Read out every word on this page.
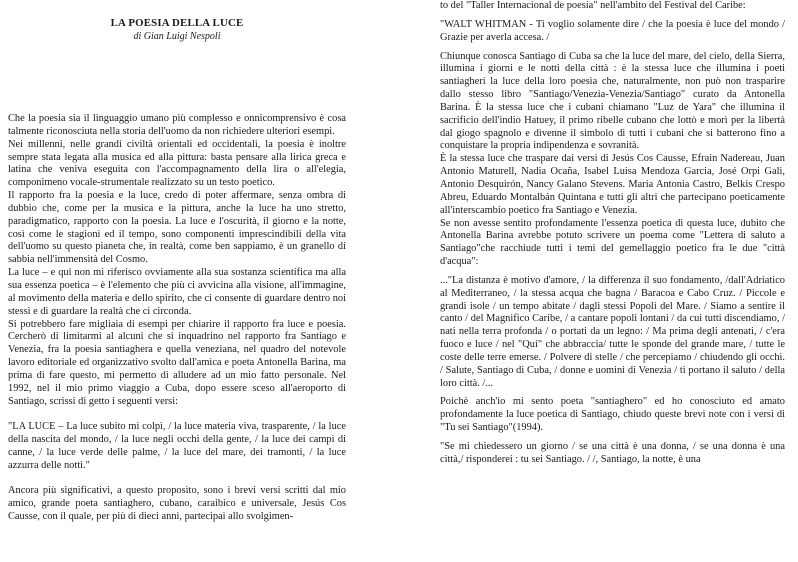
LA POESIA DELLA LUCE
di Gian Luigi Nespoli

Che la poesia sia il linguaggio umano più complesso e onnicomprensivo è cosa talmente riconosciuta nella storia dell'uomo da non richiedere ulteriori esempi.

Nei millenni, nelle grandi civiltà orientali ed occidentali, la poesia è inoltre sempre stata legata alla musica ed alla pittura: basta pensare alla lirica greca e latina che veniva eseguita con l'accompagnamento della lira o all'elegia, componimeno vocale-strumentale realizzato su un testo poetico.

Il rapporto fra la poesia e la luce, credo di poter affermare, senza ombra di dubbio che, come per la musica e la pittura, anche la luce ha uno stretto, paradigmatico, rapporto con la poesia. La luce e l'oscurità, il giorno e la notte, così come le stagioni ed il tempo, sono componenti imprescindibili della vita dell'uomo su questo pianeta che, in realtà, come ben sappiamo, è un granello di sabbia nell'immensità del Cosmo.

La luce – e qui non mi riferisco ovviamente alla sua sostanza scientifica ma alla sua essenza poetica – è l'elemento che più ci avvicina alla visione, all'immagine, al movimento della materia e dello spirito, che ci consente di guardare dentro noi stessi e di guardare la realtà che ci circonda.

Si potrebbero fare migliaia di esempi per chiarire il rapporto fra luce e poesia. Cercherò di limitarmi al alcuni che si inquadrino nel rapporto fra Santiago e Venezia, fra la poesia santiaghera e quella veneziana, nel quadro del notevole lavoro editoriale ed organizzativo svolto dall'amica e poeta Antonella Barina, ma prima di fare questo, mi permetto di alludere ad un mio fatto personale. Nel 1992, nel il mio primo viaggio a Cuba, dopo essere sceso all'aeroporto di Santiago, scrissi di getto i seguenti versi:

"LA LUCE – La luce subito mi colpì, / la luce materia viva, trasparente, / la luce della nascita del mondo, / la luce negli occhi della gente, / la luce dei campi di canne, / la luce verde delle palme, / la luce del mare, dei tramonti, / la luce azzurra delle notti."

Ancora più significativi, a questo proposito, sono i brevi versi scritti dal mio amico, grande poeta santiaghero, cubano, caraibico e universale, Jesús Cos Causse, con il quale, per più di dieci anni, partecipai allo svolgimen-

to del "Taller Internacional de poesía" nell'ambito del Festival del Caribe:

"WALT WHITMAN - Ti voglio solamente dire / che la poesia è luce del mondo / Grazie per averla accesa. /

Chiunque conosca Santiago di Cuba sa che la luce del mare, del cielo, della Sierra, illumina i giorni e le notti della città : è la stessa luce che illumina i poeti santiagheri la luce della loro poesia che, naturalmente, non può non trasparire dallo stesso libro "Santiago/Venezia-Venezia/Santiago" curato da Antonella Barina. È la stessa luce che i cubani chiamano "Luz de Yara" che illumina il sacrificio dell'indio Hatuey, il primo ribelle cubano che lottò e morì per la libertà dal giogo spagnolo e divenne il simbolo di tutti i cubani che si batterono fino a conquistare la propria indipendenza e sovranità.

È la stessa luce che traspare dai versi di Jesús Cos Causse, Efrain Nadereau, Juan Antonio Maturell, Nadia Ocaña, Isabel Luisa Mendoza Garcia, José Orpi Gali, Antonio Desquirón, Nancy Galano Stevens. Maria Antonia Castro, Belkis Crespo Abreu, Eduardo Montalbán Quintana e tutti gli altri che partecipano poeticamente all'interscambio poetico fra Santiago e Venezia.

Se non avesse sentito profondamente l'essenza poetica di questa luce, dubito che Antonella Barina avrebbe potuto scrivere un poema come "Lettera di saluto a Santiago"che racchiude tutti i temi del gemellaggio poetico fra le due "città d'acqua":

..."La distanza è motivo d'amore, / la differenza il suo fondamento, /dall'Adriatico al Mediterraneo, / la stessa acqua che bagna / Baracoa e Cabo Cruz. / Piccole e grandi isole / un tempo abitate / dagli stessi Popoli del Mare. / Siamo a sentire il canto / del Magnifico Caribe, / a cantare popoli lontani / da cui tutti discendiamo, / nati nella terra profonda / o portati da un legno: / Ma prima degli antenati, / c'era fuoco e luce / nel "Qui" che abbraccia/ tutte le sponde del grande mare, / tutte le coste delle terre emerse. / Polvere di stelle / che percepiamo / chiudendo gli occhi. / Salute, Santiago di Cuba, / donne e uomini di Venezia / ti portano il saluto / della loro città. /...

Poichè anch'io mi sento poeta "santiaghero" ed ho conosciuto ed amato profondamente la luce poetica di Santiago, chiudo queste brevi note con i versi di "Tu sei Santiago"(1994).

"Se mi chiedessero un giorno / se una città è una donna, / se una donna è una città,/ risponderei : tu sei Santiago. / /, Santiago, la notte, è una
